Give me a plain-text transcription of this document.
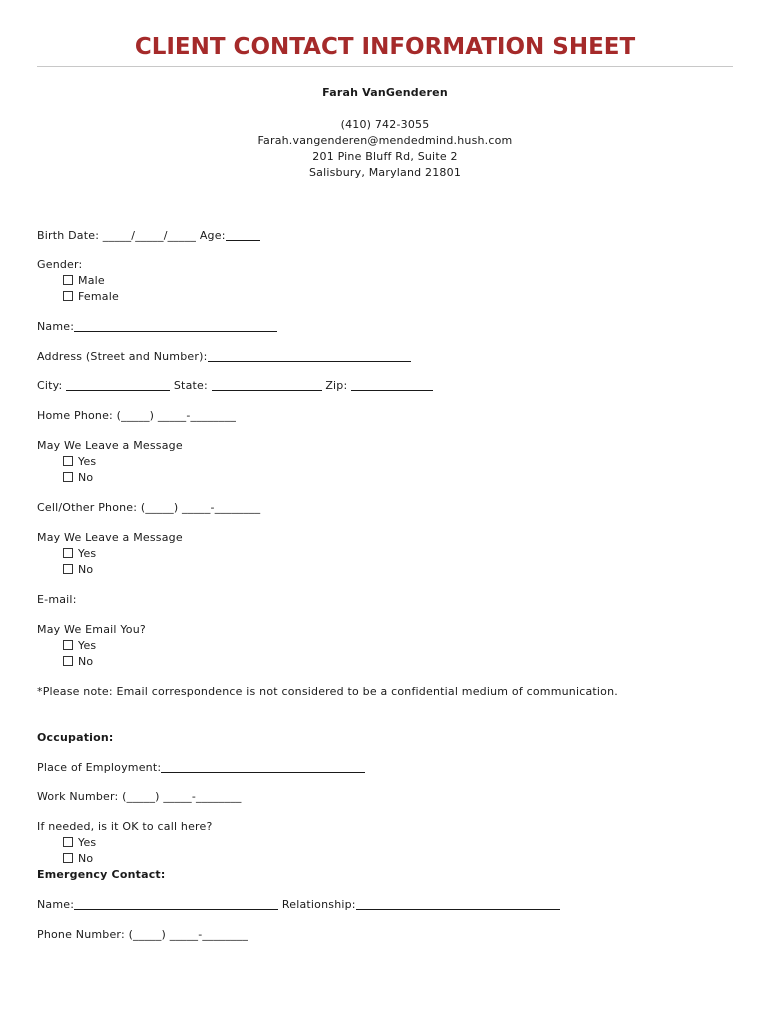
CLIENT CONTACT INFORMATION SHEET
Farah VanGenderen
(410) 742-3055
Farah.vangenderen@mendedmind.hush.com
201 Pine Bluff Rd, Suite 2
Salisbury, Maryland 21801
Birth Date: _____/_____/_____ Age:
Gender:
Male
Female
Name:
Address (Street and Number):
City:	State:	Zip:
Home Phone: (_____) _____-________
May We Leave a Message
Yes
No
Cell/Other Phone: (_____) _____-________
May We Leave a Message
Yes
No
E-mail:
May We Email You?
Yes
No
*Please note: Email correspondence is not considered to be a confidential medium of communication.
Occupation:
Place of Employment:
Work Number: (_____) _____-________
If needed, is it OK to call here?
Yes
No
Emergency Contact:
Name:	Relationship:
Phone Number: (_____) _____-________
